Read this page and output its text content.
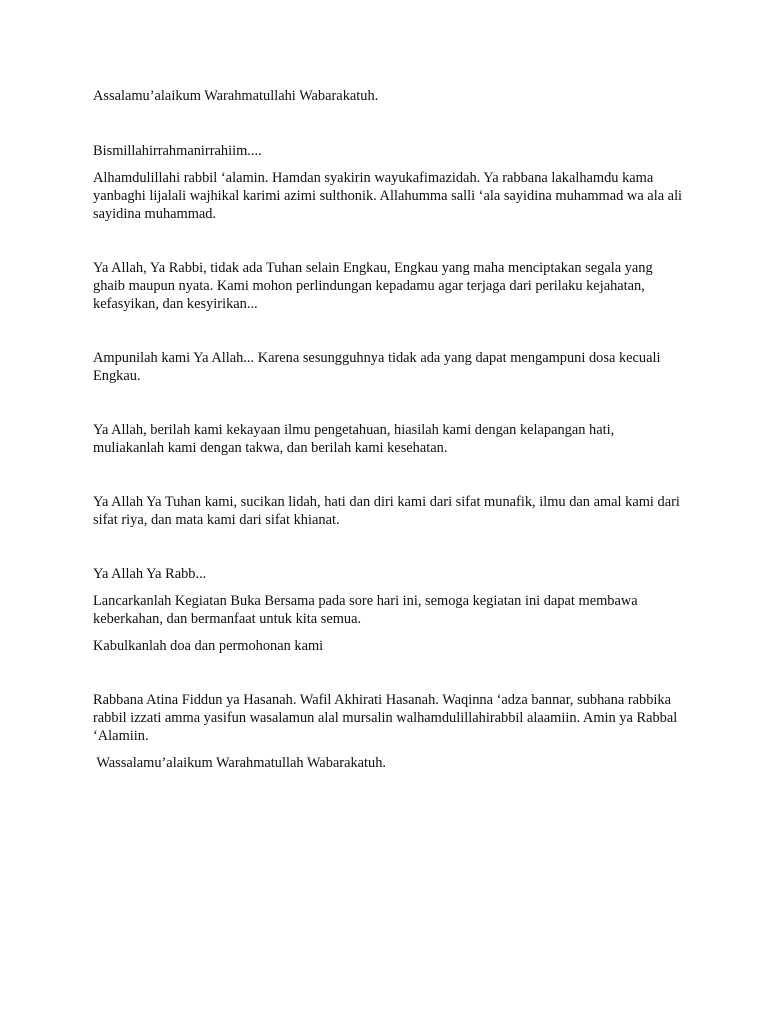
Assalamu’alaikum Warahmatullahi Wabarakatuh.

Bismillahirrahmanirrahiim....

Alhamdulillahi rabbil ‘alamin. Hamdan syakirin wayukafimazidah. Ya rabbana lakalhamdu kama yanbaghi lijalali wajhikal karimi azimi sulthonik. Allahumma salli ‘ala sayidina muhammad wa ala ali sayidina muhammad.

Ya Allah, Ya Rabbi, tidak ada Tuhan selain Engkau, Engkau yang maha menciptakan segala yang ghaib maupun nyata. Kami mohon perlindungan kepadamu agar terjaga dari perilaku kejahatan, kefasyikan, dan kesyirikan...

Ampunilah kami Ya Allah... Karena sesungguhnya tidak ada yang dapat mengampuni dosa kecuali Engkau.

Ya Allah, berilah kami kekayaan ilmu pengetahuan, hiasilah kami dengan kelapangan hati, muliakanlah kami dengan takwa, dan berilah kami kesehatan.

Ya Allah Ya Tuhan kami, sucikan lidah, hati dan diri kami dari sifat munafik, ilmu dan amal kami dari sifat riya, dan mata kami dari sifat khianat.

Ya Allah Ya Rabb...

Lancarkanlah Kegiatan Buka Bersama pada sore hari ini, semoga kegiatan ini dapat membawa keberkahan, dan bermanfaat untuk kita semua.

Kabulkanlah doa dan permohonan kami

Rabbana Atina Fiddun ya Hasanah. Wafil Akhirati Hasanah. Waqinna ‘adza bannar, subhana rabbika rabbil izzati amma yasifun wasalamun alal mursalin walhamdulillahirabbil alaamiin. Amin ya Rabbal ‘Alamiin.

Wassalamu’alaikum Warahmatullah Wabarakatuh.
